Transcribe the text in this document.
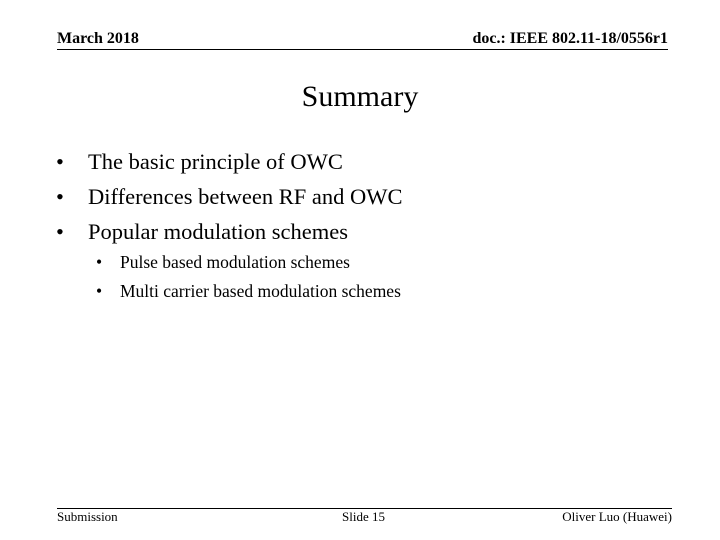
March 2018	doc.: IEEE 802.11-18/0556r1
Summary
• The basic principle of OWC
• Differences between RF and OWC
• Popular modulation schemes
• Pulse based modulation schemes
• Multi carrier based modulation schemes
Submission	Slide 15	Oliver Luo (Huawei)
